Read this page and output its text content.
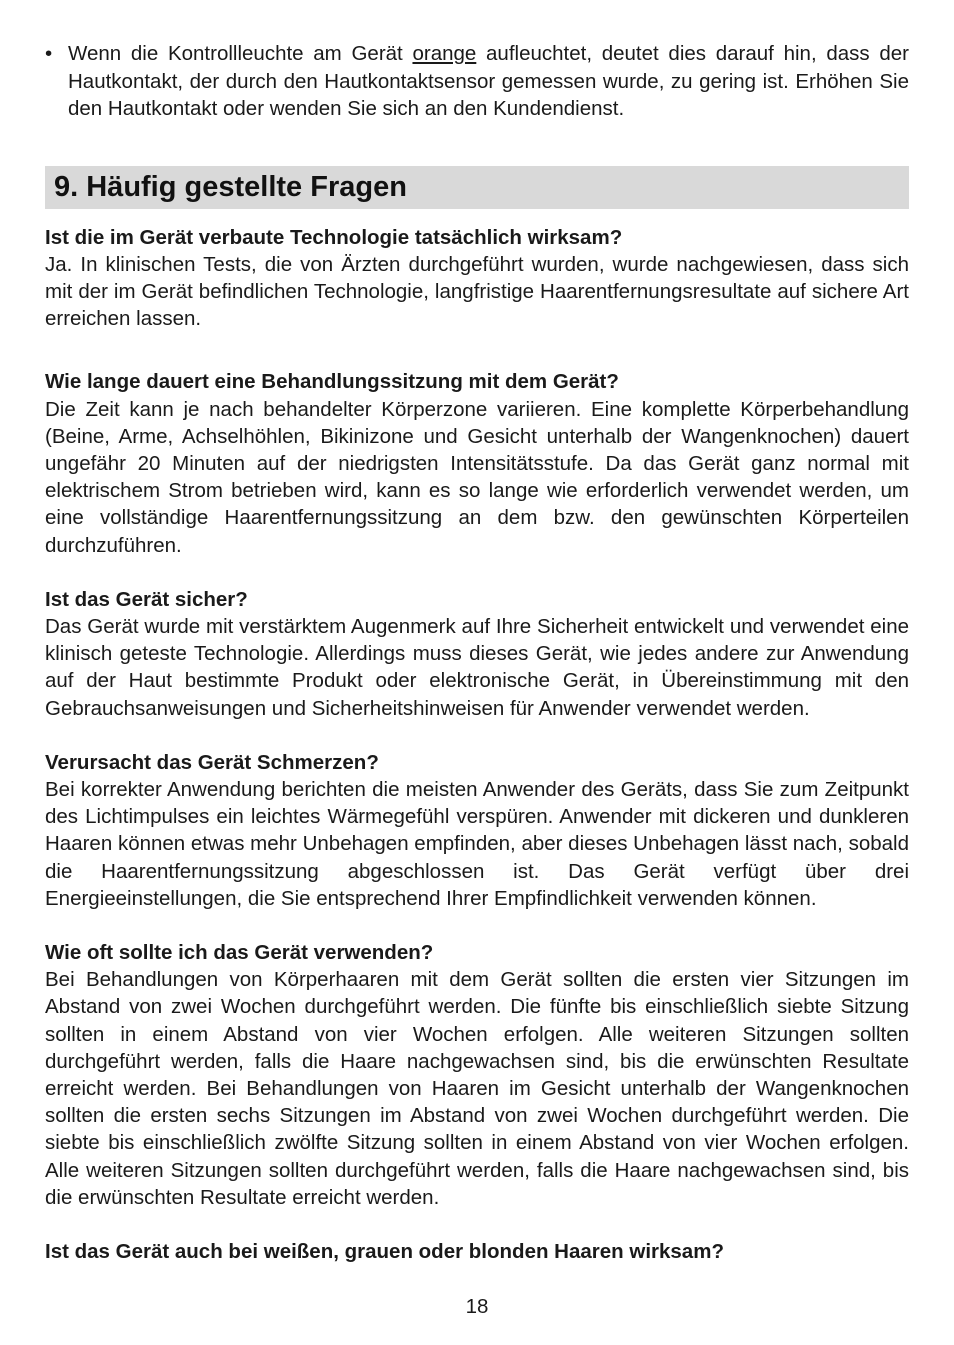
• Wenn die Kontrollleuchte am Gerät orange aufleuchtet, deutet dies darauf hin, dass der Hautkontakt, der durch den Hautkontaktsensor gemessen wurde, zu gering ist. Erhöhen Sie den Hautkontakt oder wenden Sie sich an den Kundendienst.
9. Häufig gestellte Fragen
Ist die im Gerät verbaute Technologie tatsächlich wirksam?
Ja. In klinischen Tests, die von Ärzten durchgeführt wurden, wurde nachgewiesen, dass sich mit der im Gerät befindlichen Technologie, langfristige Haarentfernungsresultate auf sichere Art erreichen lassen.
Wie lange dauert eine Behandlungssitzung mit dem Gerät?
Die Zeit kann je nach behandelter Körperzone variieren. Eine komplette Körperbehandlung (Beine, Arme, Achselhöhlen, Bikinizone und Gesicht unterhalb der Wangenknochen) dauert ungefähr 20 Minuten auf der niedrigsten Intensitätsstufe. Da das Gerät ganz normal mit elektrischem Strom betrieben wird, kann es so lange wie erforderlich verwendet werden, um eine vollständige Haarentfernungssitzung an dem bzw. den gewünschten Körperteilen durchzuführen.
Ist das Gerät sicher?
Das Gerät wurde mit verstärktem Augenmerk auf Ihre Sicherheit entwickelt und verwendet eine klinisch geteste Technologie. Allerdings muss dieses Gerät, wie jedes andere zur Anwendung auf der Haut bestimmte Produkt oder elektronische Gerät, in Übereinstimmung mit den Gebrauchsanweisungen und Sicherheitshinweisen für Anwender verwendet werden.
Verursacht das Gerät Schmerzen?
Bei korrekter Anwendung berichten die meisten Anwender des Geräts, dass Sie zum Zeitpunkt des Lichtimpulses ein leichtes Wärmegefühl verspüren. Anwender mit dickeren und dunkleren Haaren können etwas mehr Unbehagen empfinden, aber dieses Unbehagen lässt nach, sobald die Haarentfernungssitzung abgeschlossen ist. Das Gerät verfügt über drei Energieeinstellungen, die Sie entsprechend Ihrer Empfindlichkeit verwenden können.
Wie oft sollte ich das Gerät verwenden?
Bei Behandlungen von Körperhaaren mit dem Gerät sollten die ersten vier Sitzungen im Abstand von zwei Wochen durchgeführt werden. Die fünfte bis einschließlich siebte Sitzung sollten in einem Abstand von vier Wochen erfolgen. Alle weiteren Sitzungen sollten durchgeführt werden, falls die Haare nachgewachsen sind, bis die erwünschten Resultate erreicht werden. Bei Behandlungen von Haaren im Gesicht unterhalb der Wangenknochen sollten die ersten sechs Sitzungen im Abstand von zwei Wochen durchgeführt werden. Die siebte bis einschließlich zwölfte Sitzung sollten in einem Abstand von vier Wochen erfolgen. Alle weiteren Sitzungen sollten durchgeführt werden, falls die Haare nachgewachsen sind, bis die erwünschten Resultate erreicht werden.
Ist das Gerät auch bei weißen, grauen oder blonden Haaren wirksam?
18
